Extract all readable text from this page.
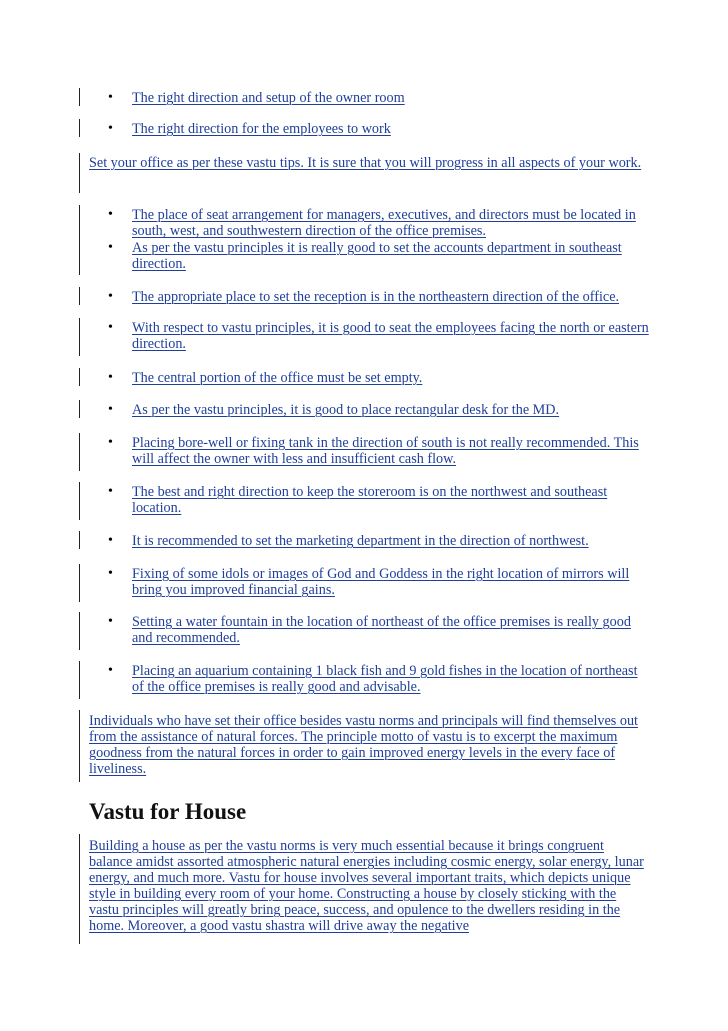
• The right direction and setup of the owner room
• The right direction for the employees to work
Set your office as per these vastu tips. It is sure that you will progress in all aspects of your work.
• The place of seat arrangement for managers, executives, and directors must be located in south, west, and southwestern direction of the office premises.
• As per the vastu principles it is really good to set the accounts department in southeast direction.
• The appropriate place to set the reception is in the northeastern direction of the office.
• With respect to vastu principles, it is good to seat the employees facing the north or eastern direction.
• The central portion of the office must be set empty.
• As per the vastu principles, it is good to place rectangular desk for the MD.
• Placing bore-well or fixing tank in the direction of south is not really recommended. This will affect the owner with less and insufficient cash flow.
• The best and right direction to keep the storeroom is on the northwest and southeast location.
• It is recommended to set the marketing department in the direction of northwest.
• Fixing of some idols or images of God and Goddess in the right location of mirrors will bring you improved financial gains.
• Setting a water fountain in the location of northeast of the office premises is really good and recommended.
• Placing an aquarium containing 1 black fish and 9 gold fishes in the location of northeast of the office premises is really good and advisable.
Individuals who have set their office besides vastu norms and principals will find themselves out from the assistance of natural forces. The principle motto of vastu is to excerpt the maximum goodness from the natural forces in order to gain improved energy levels in the every face of liveliness.
Vastu for House
Building a house as per the vastu norms is very much essential because it brings congruent balance amidst assorted atmospheric natural energies including cosmic energy, solar energy, lunar energy, and much more. Vastu for house involves several important traits, which depicts unique style in building every room of your home. Constructing a house by closely sticking with the vastu principles will greatly bring peace, success, and opulence to the dwellers residing in the home. Moreover, a good vastu shastra will drive away the negative
